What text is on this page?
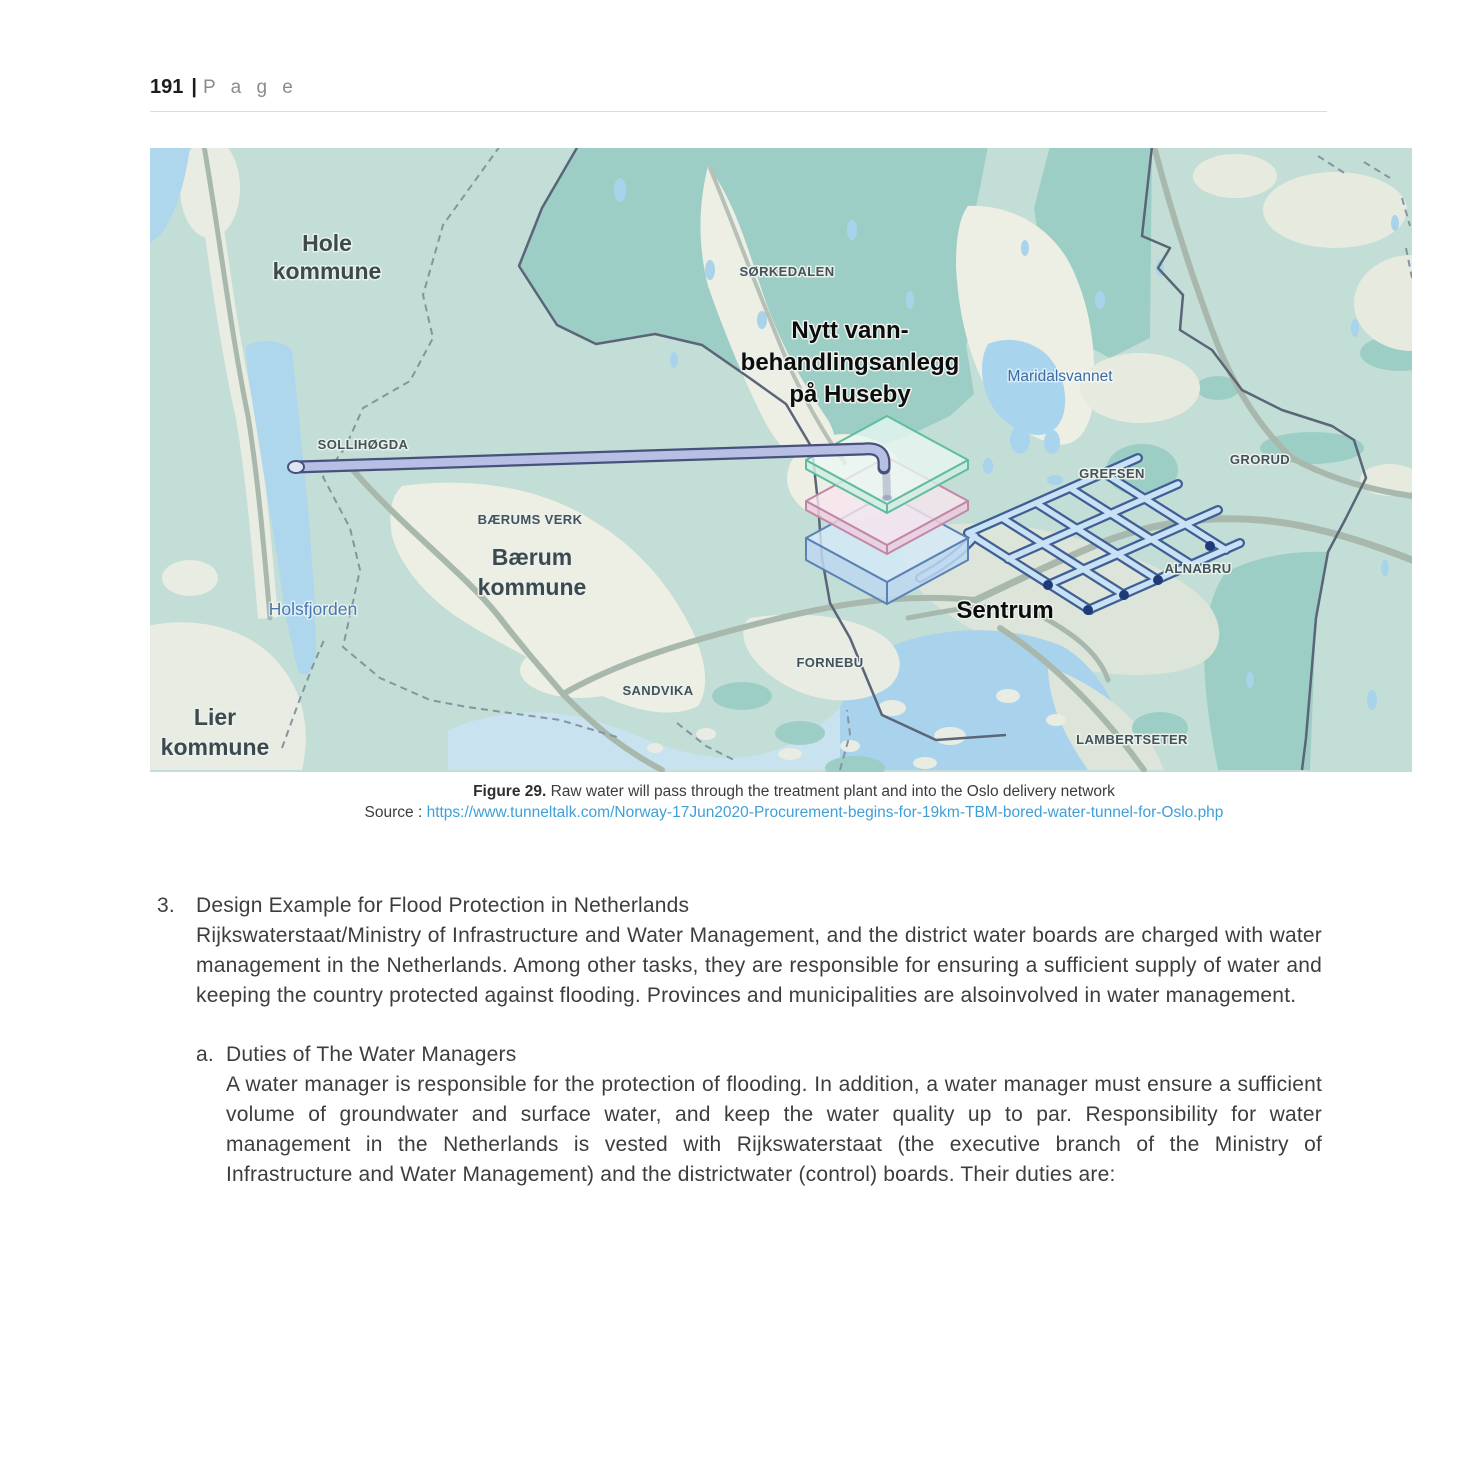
191 | P a g e
Hole
kommune	SØRKEDALEN
Nytt vann-
behandlingsanlegg
på Huseby
Maridalsvannet
GREFSEN
GRORUD
SOLLIHØGDA
BÆRUMS VERK
Bærum
kommune
ALNABRU
Sentrum
Holsfjorden
FORNEBU
SANDVIKA
Lier
kommune	LAMBERTSETER
Figure 29. Raw water will pass through the treatment plant and into the Oslo delivery network
Source : https://www.tunneltalk.com/Norway-17Jun2020-Procurement-begins-for-19km-TBM-bored-water-tunnel-for-Oslo.php
3.	Design Example for Flood Protection in Netherlands

Rijkswaterstaat/Ministry of Infrastructure and Water Management, and the district water boards are charged with water management in the Netherlands. Among other tasks, they are responsible for ensuring a sufficient supply of water and keeping the country protected against flooding. Provinces and municipalities are alsoinvolved in water management.

a. Duties of The Water Managers

A water manager is responsible for the protection of flooding. In addition, a water manager must ensure a sufficient volume of groundwater and surface water, and keep the water quality up to par. Responsibility for water management in the Netherlands is vested with Rijkswaterstaat (the executive branch of the Ministry of Infrastructure and Water Management) and the districtwater (control) boards. Their duties are:
